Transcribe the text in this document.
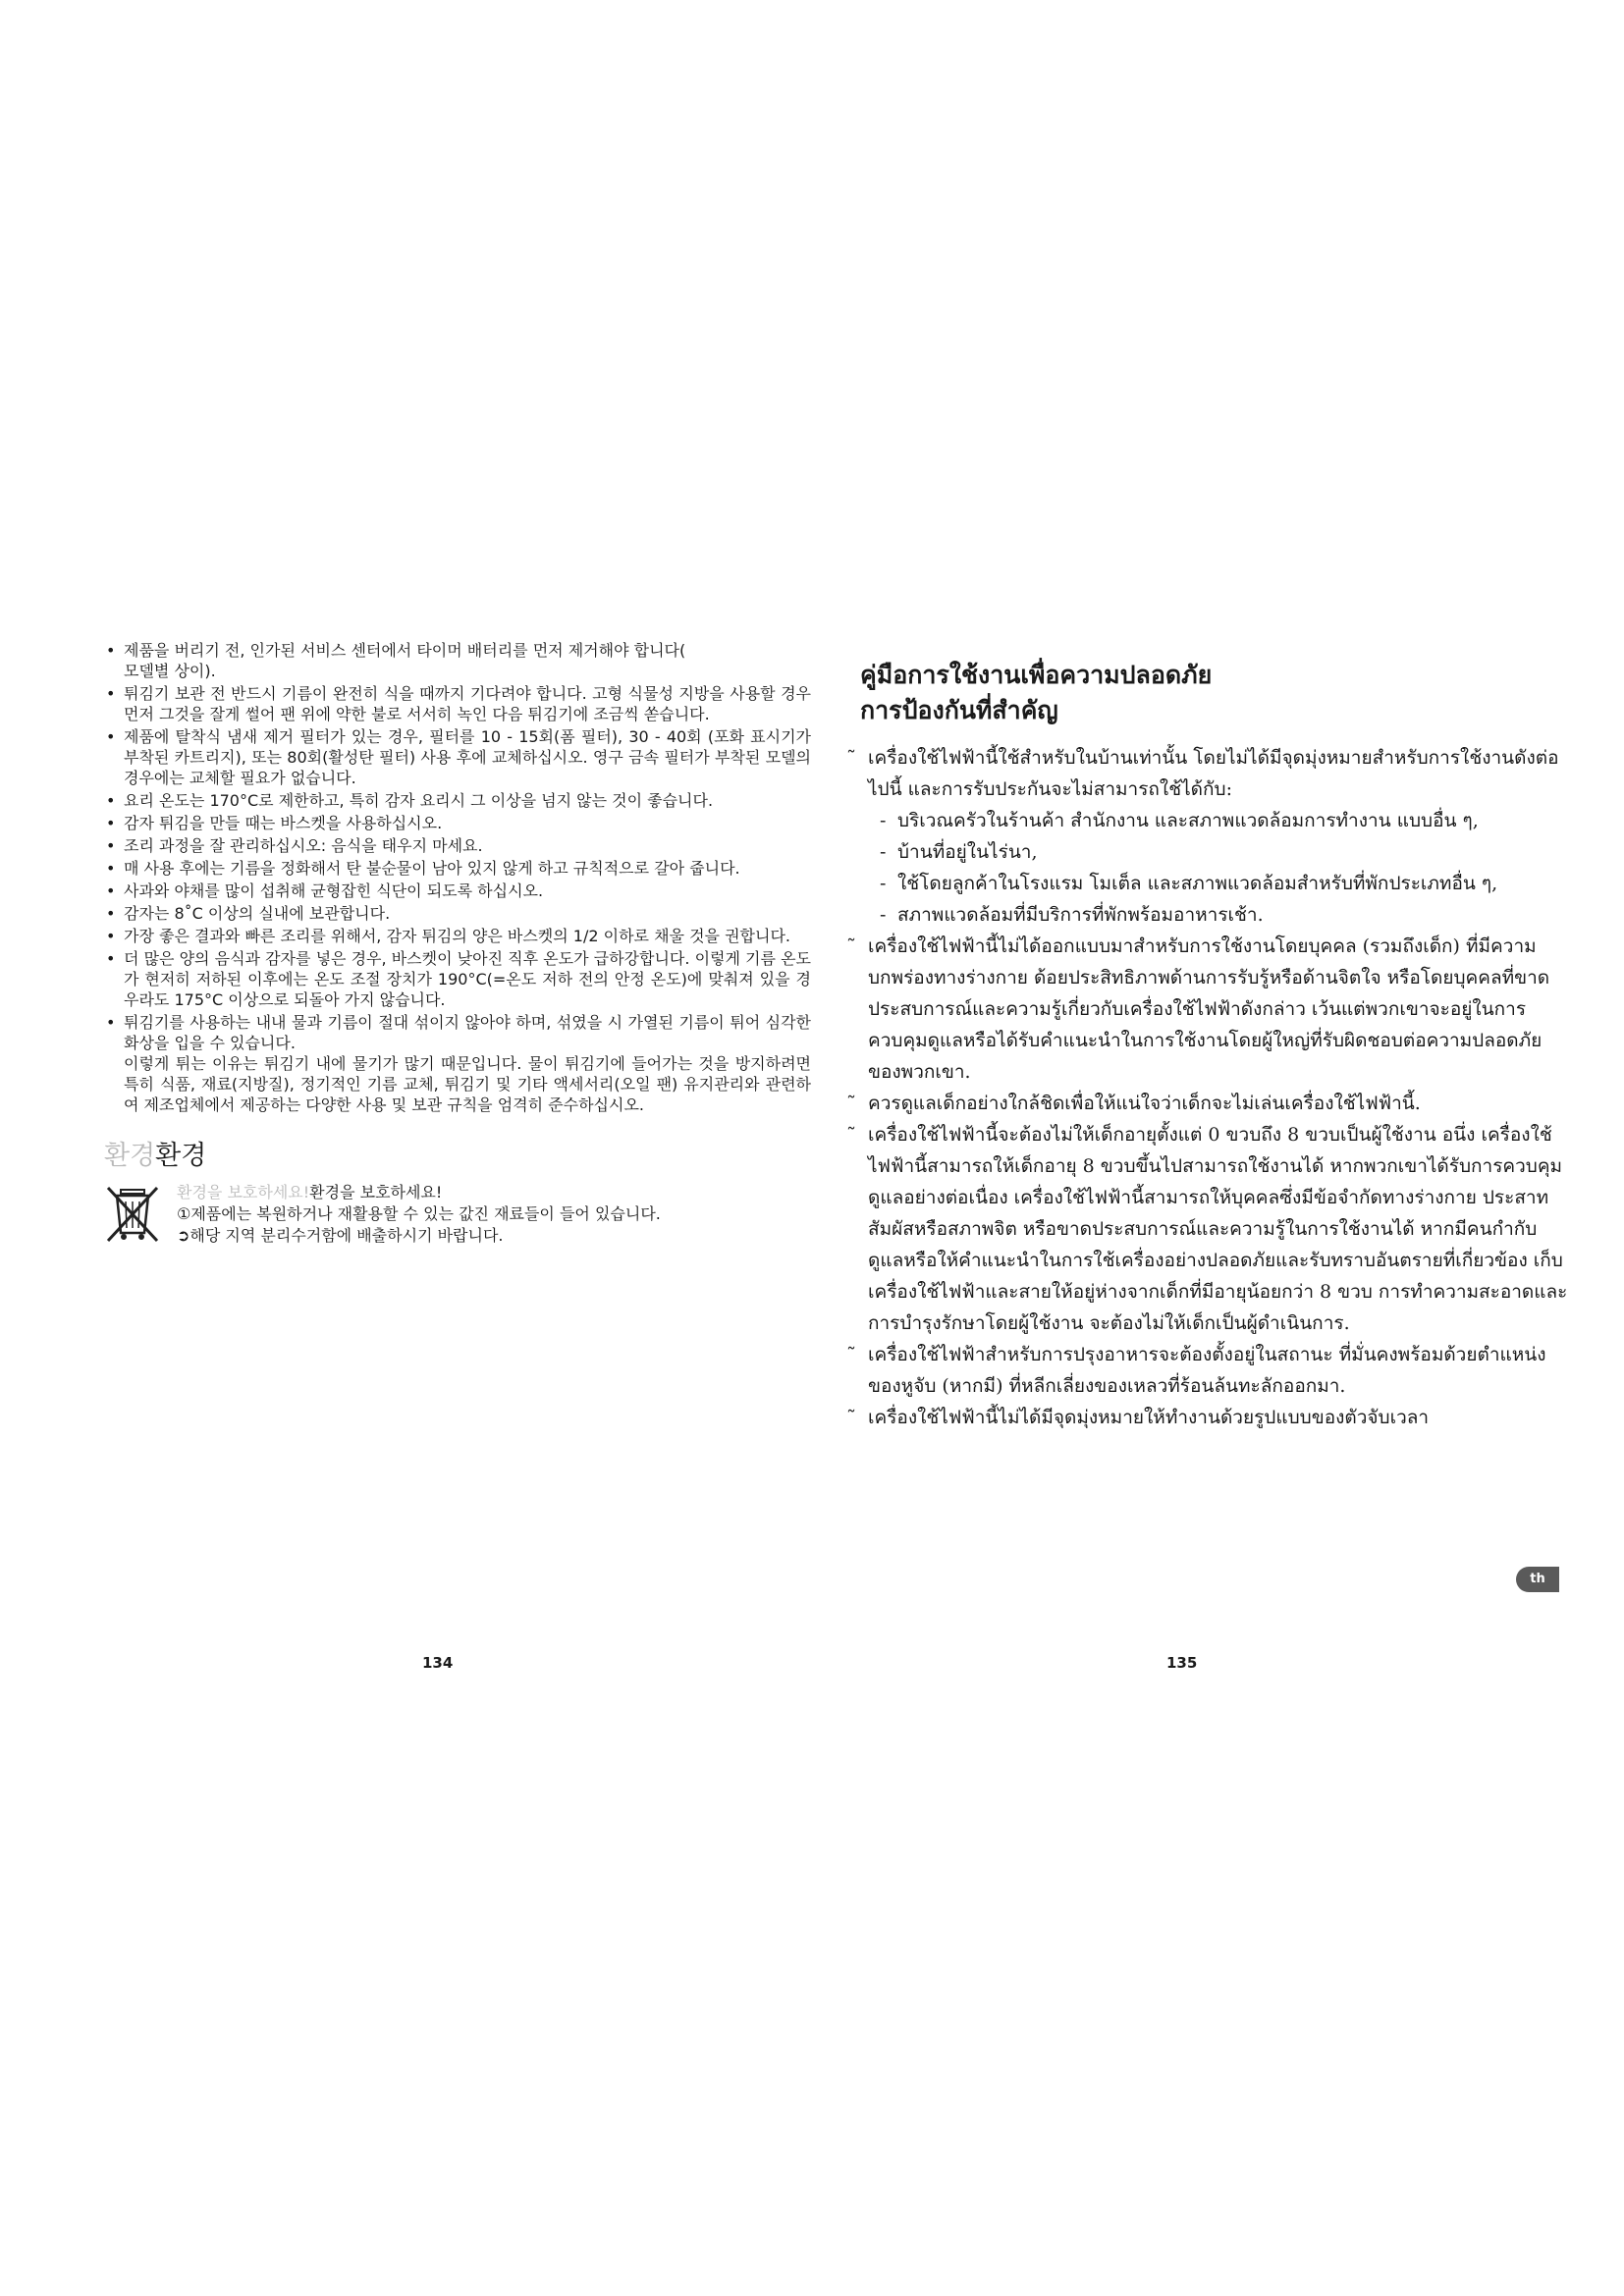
• 제품을 버리기 전, 인가된 서비스 센터에서 타이머 배터리를 먼저 제거해야 합니다(
모델별 상이).
• 튀김기 보관 전 반드시 기름이 완전히 식을 때까지 기다려야 합니다. 고형 식물성 지방을 사용할 경우 먼저 그것을 잘게 썰어 팬 위에 약한 불로 서서히 녹인 다음 튀김기에 조금씩 쏟습니다.
• 제품에 탈착식 냄새 제거 필터가 있는 경우, 필터를 10 - 15회(폼 필터), 30 - 40회 (포화 표시기가 부착된 카트리지), 또는 80회(활성탄 필터) 사용 후에 교체하십시오. 영구 금속 필터가 부착된 모델의 경우에는 교체할 필요가 없습니다.
• 요리 온도는 170°C로 제한하고, 특히 감자 요리시 그 이상을 넘지 않는 것이 좋습니다.
• 감자 튀김을 만들 때는 바스켓을 사용하십시오.
• 조리 과정을 잘 관리하십시오: 음식을 태우지 마세요.
• 매 사용 후에는 기름을 정화해서 탄 불순물이 남아 있지 않게 하고 규칙적으로 갈아 줍니다.
• 사과와 야채를 많이 섭취해 균형잡힌 식단이 되도록 하십시오.
• 감자는 8˚C 이상의 실내에 보관합니다.
• 가장 좋은 결과와 빠른 조리를 위해서, 감자 튀김의 양은 바스켓의 1/2 이하로 채울 것을 권합니다.
• 더 많은 양의 음식과 감자를 넣은 경우, 바스켓이 낮아진 직후 온도가 급하강합니다. 이렇게 기름 온도가 현저히 저하된 이후에는 온도 조절 장치가 190°C(=온도 저하 전의 안정 온도)에 맞춰져 있을 경우라도 175°C 이상으로 되돌아 가지 않습니다.
• 튀김기를 사용하는 내내 물과 기름이 절대 섞이지 않아야 하며, 섞였을 시 가열된 기름이 튀어 심각한 화상을 입을 수 있습니다.
이렇게 튀는 이유는 튀김기 내에 물기가 많기 때문입니다. 물이 튀김기에 들어가는 것을 방지하려면 특히 식품, 재료(지방질), 정기적인 기름 교체, 튀김기 및 기타 액세서리(오일 팬) 유지관리와 관련하여 제조업체에서 제공하는 다양한 사용 및 보관 규칙을 엄격히 준수하십시오.
환경환경
환경을 보호하세요!환경을 보호하세요!
①제품에는 복원하거나 재활용할 수 있는 값진 재료들이 들어 있습니다.
➲해당 지역 분리수거함에 배출하시기 바랍니다.
134
คู่มือการใช้งานเพื่อความปลอดภัย
การป้องกันที่สำคัญ
˜ เครื่องใช้ไฟฟ้านี้ใช้สำหรับในบ้านเท่านั้น โดยไม่ได้มีจุดมุ่งหมายสำหรับการใช้งานดังต่อไปนี้ และการรับประกันจะไม่สามารถใช้ได้กับ:
- บริเวณครัวในร้านค้า สำนักงาน และสภาพแวดล้อมการทำงาน แบบอื่น ๆ,
- บ้านที่อยู่ในไร่นา,
- ใช้โดยลูกค้าในโรงแรม โมเต็ล และสภาพแวดล้อมสำหรับที่พักประเภทอื่น ๆ,
- สภาพแวดล้อมที่มีบริการที่พักพร้อมอาหารเช้า.
˜ เครื่องใช้ไฟฟ้านี้ไม่ได้ออกแบบมาสำหรับการใช้งานโดยบุคคล (รวมถึงเด็ก) ที่มีความบกพร่องทางร่างกาย ด้อยประสิทธิภาพด้านการรับรู้หรือด้านจิตใจ หรือโดยบุคคลที่ขาดประสบการณ์และความรู้เกี่ยวกับเครื่องใช้ไฟฟ้าดังกล่าว เว้นแต่พวกเขาจะอยู่ในการควบคุมดูแลหรือได้รับคำแนะนำในการใช้งานโดยผู้ใหญ่ที่รับผิดชอบต่อความปลอดภัยของพวกเขา.
˜ ควรดูแลเด็กอย่างใกล้ชิดเพื่อให้แน่ใจว่าเด็กจะไม่เล่นเครื่องใช้ไฟฟ้านี้.
˜ เครื่องใช้ไฟฟ้านี้จะต้องไม่ให้เด็กอายุตั้งแต่ 0 ขวบถึง 8 ขวบเป็นผู้ใช้งาน อนึ่ง เครื่องใช้ไฟฟ้านี้สามารถให้เด็กอายุ 8 ขวบขึ้นไปสามารถใช้งานได้ หากพวกเขาได้รับการควบคุมดูแลอย่างต่อเนื่อง เครื่องใช้ไฟฟ้านี้สามารถให้บุคคลซึ่งมีข้อจำกัดทางร่างกาย ประสาทสัมผัสหรือสภาพจิต หรือขาดประสบการณ์และความรู้ในการใช้งานได้ หากมีคนกำกับดูแลหรือให้คำแนะนำในการใช้เครื่องอย่างปลอดภัยและรับทราบอันตรายที่เกี่ยวข้อง เก็บเครื่องใช้ไฟฟ้าและสายให้อยู่ห่างจากเด็กที่มีอายุน้อยกว่า 8 ขวบ การทำความสะอาดและการบำรุงรักษาโดยผู้ใช้งาน จะต้องไม่ให้เด็กเป็นผู้ดำเนินการ.
˜ เครื่องใช้ไฟฟ้าสำหรับการปรุงอาหารจะต้องตั้งอยู่ในสถานะ ที่มั่นคงพร้อมด้วยตำแหน่งของหูจับ (หากมี) ที่หลีกเลี่ยงของเหลวที่ร้อนล้นทะลักออกมา.
˜ เครื่องใช้ไฟฟ้านี้ไม่ได้มีจุดมุ่งหมายให้ทำงานด้วยรูปแบบของตัวจับเวลา
th
135
